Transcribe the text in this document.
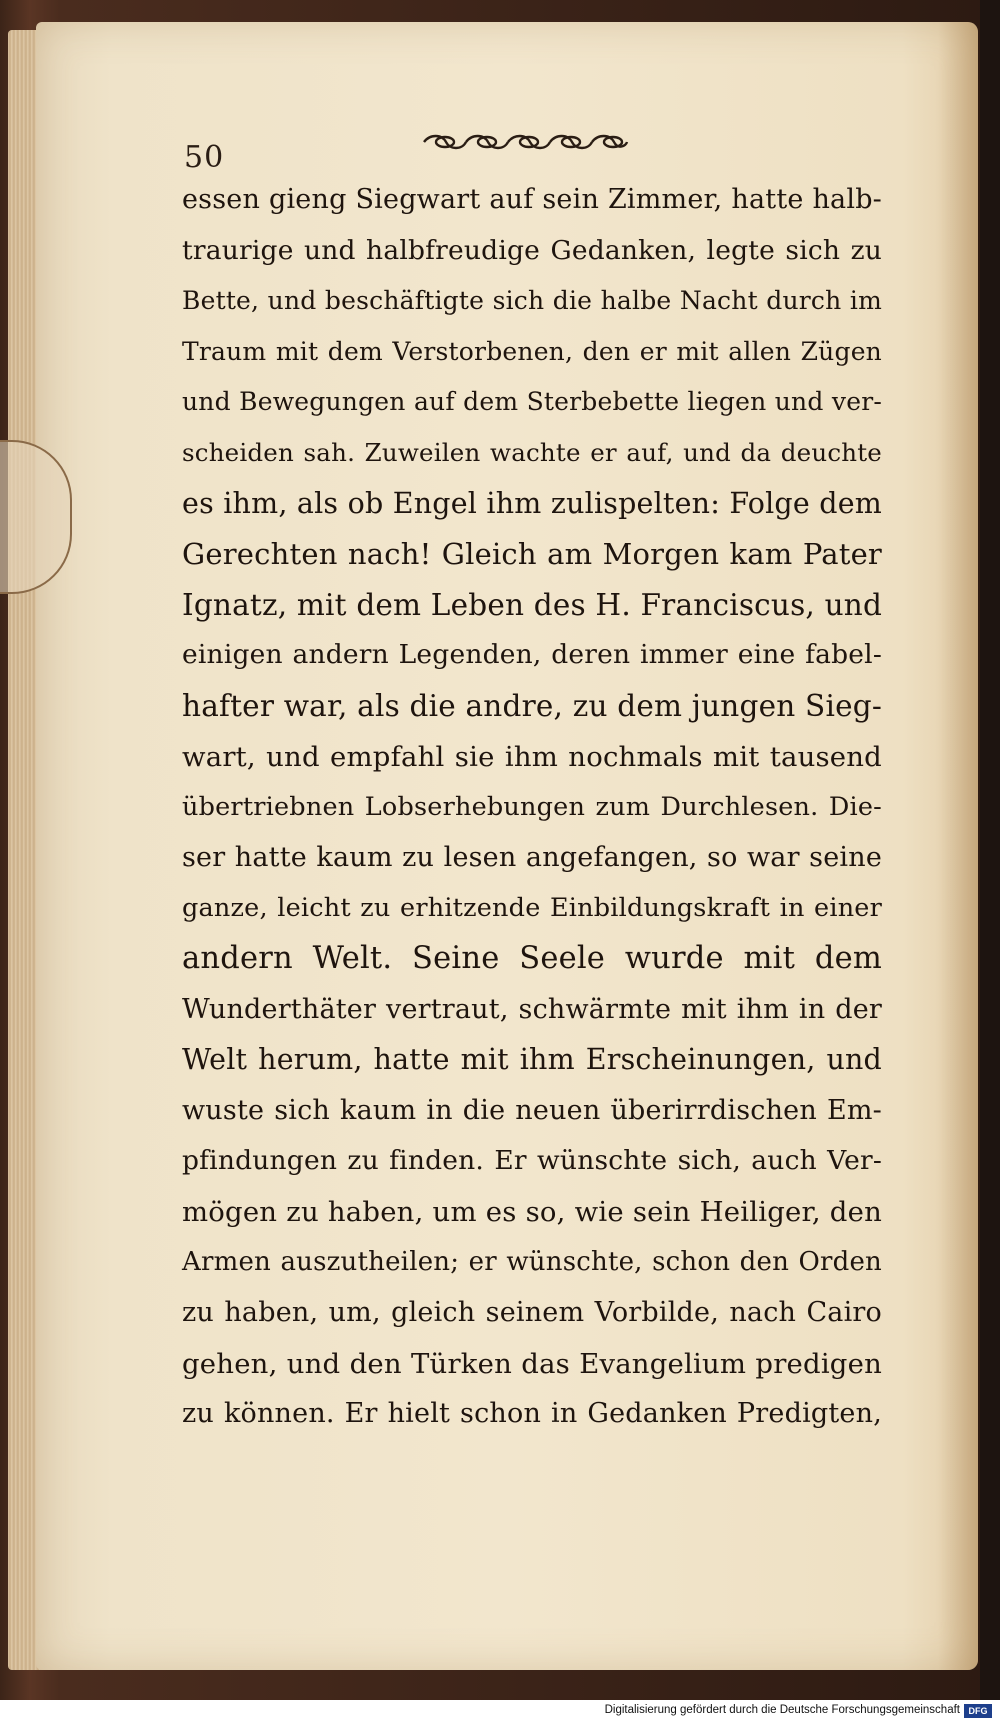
50
essen gieng Siegwart auf sein Zimmer, hatte halb-
traurige und halbfreudige Gedanken, legte sich zu
Bette, und beschäftigte sich die halbe Nacht durch im
Traum mit dem Verstorbenen, den er mit allen Zügen
und Bewegungen auf dem Sterbebette liegen und ver-
scheiden sah. Zuweilen wachte er auf, und da deuchte
es ihm, als ob Engel ihm zulispelten: Folge dem
Gerechten nach! Gleich am Morgen kam Pater
Ignatz, mit dem Leben des H. Franciscus, und
einigen andern Legenden, deren immer eine fabel-
hafter war, als die andre, zu dem jungen Sieg-
wart, und empfahl sie ihm nochmals mit tausend
übertriebnen Lobserhebungen zum Durchlesen. Die-
ser hatte kaum zu lesen angefangen, so war seine
ganze, leicht zu erhitzende Einbildungskraft in einer
andern Welt. Seine Seele wurde mit dem
Wunderthäter vertraut, schwärmte mit ihm in der
Welt herum, hatte mit ihm Erscheinungen, und
wuste sich kaum in die neuen überirrdischen Em-
pfindungen zu finden. Er wünschte sich, auch Ver-
mögen zu haben, um es so, wie sein Heiliger, den
Armen auszutheilen; er wünschte, schon den Orden
zu haben, um, gleich seinem Vorbilde, nach Cairo
gehen, und den Türken das Evangelium predigen
zu können. Er hielt schon in Gedanken Predigten,
Digitalisierung gefördert durch die Deutsche Forschungsgemeinschaft DFG
